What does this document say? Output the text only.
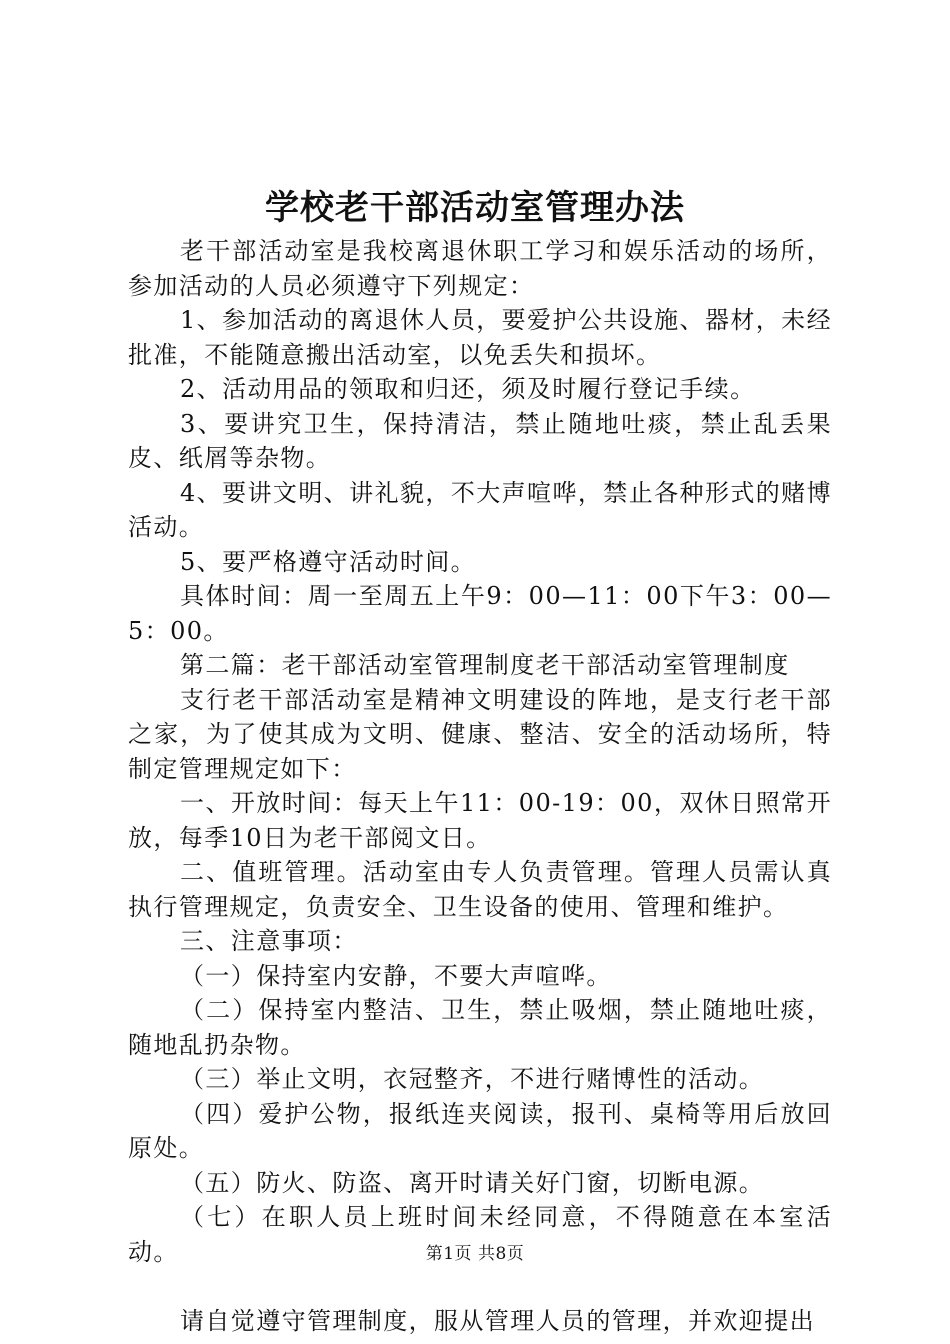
学校老干部活动室管理办法

老干部活动室是我校离退休职工学习和娱乐活动的场所，参加活动的人员必须遵守下列规定：

1、参加活动的离退休人员，要爱护公共设施、器材，未经批准，不能随意搬出活动室，以免丢失和损坏。

2、活动用品的领取和归还，须及时履行登记手续。

3、要讲究卫生，保持清洁，禁止随地吐痰，禁止乱丢果皮、纸屑等杂物。

4、要讲文明、讲礼貌，不大声喧哗，禁止各种形式的赌博活动。

5、要严格遵守活动时间。

具体时间：周一至周五上午9：00—11：00下午3：00—5：00。

第二篇：老干部活动室管理制度老干部活动室管理制度

支行老干部活动室是精神文明建设的阵地，是支行老干部之家，为了使其成为文明、健康、整洁、安全的活动场所，特制定管理规定如下：

一、开放时间：每天上午11：00-19：00，双休日照常开放，每季10日为老干部阅文日。

二、值班管理。活动室由专人负责管理。管理人员需认真执行管理规定，负责安全、卫生设备的使用、管理和维护。

三、注意事项：

（一）保持室内安静，不要大声喧哗。

（二）保持室内整洁、卫生，禁止吸烟，禁止随地吐痰，随地乱扔杂物。

（三）举止文明，衣冠整齐，不进行赌博性的活动。

（四）爱护公物，报纸连夹阅读，报刊、桌椅等用后放回原处。

（五）防火、防盗、离开时请关好门窗，切断电源。

（七）在职人员上班时间未经同意，不得随意在本室活动。

请自觉遵守管理制度，服从管理人员的管理，并欢迎提出

第1页 共8页
